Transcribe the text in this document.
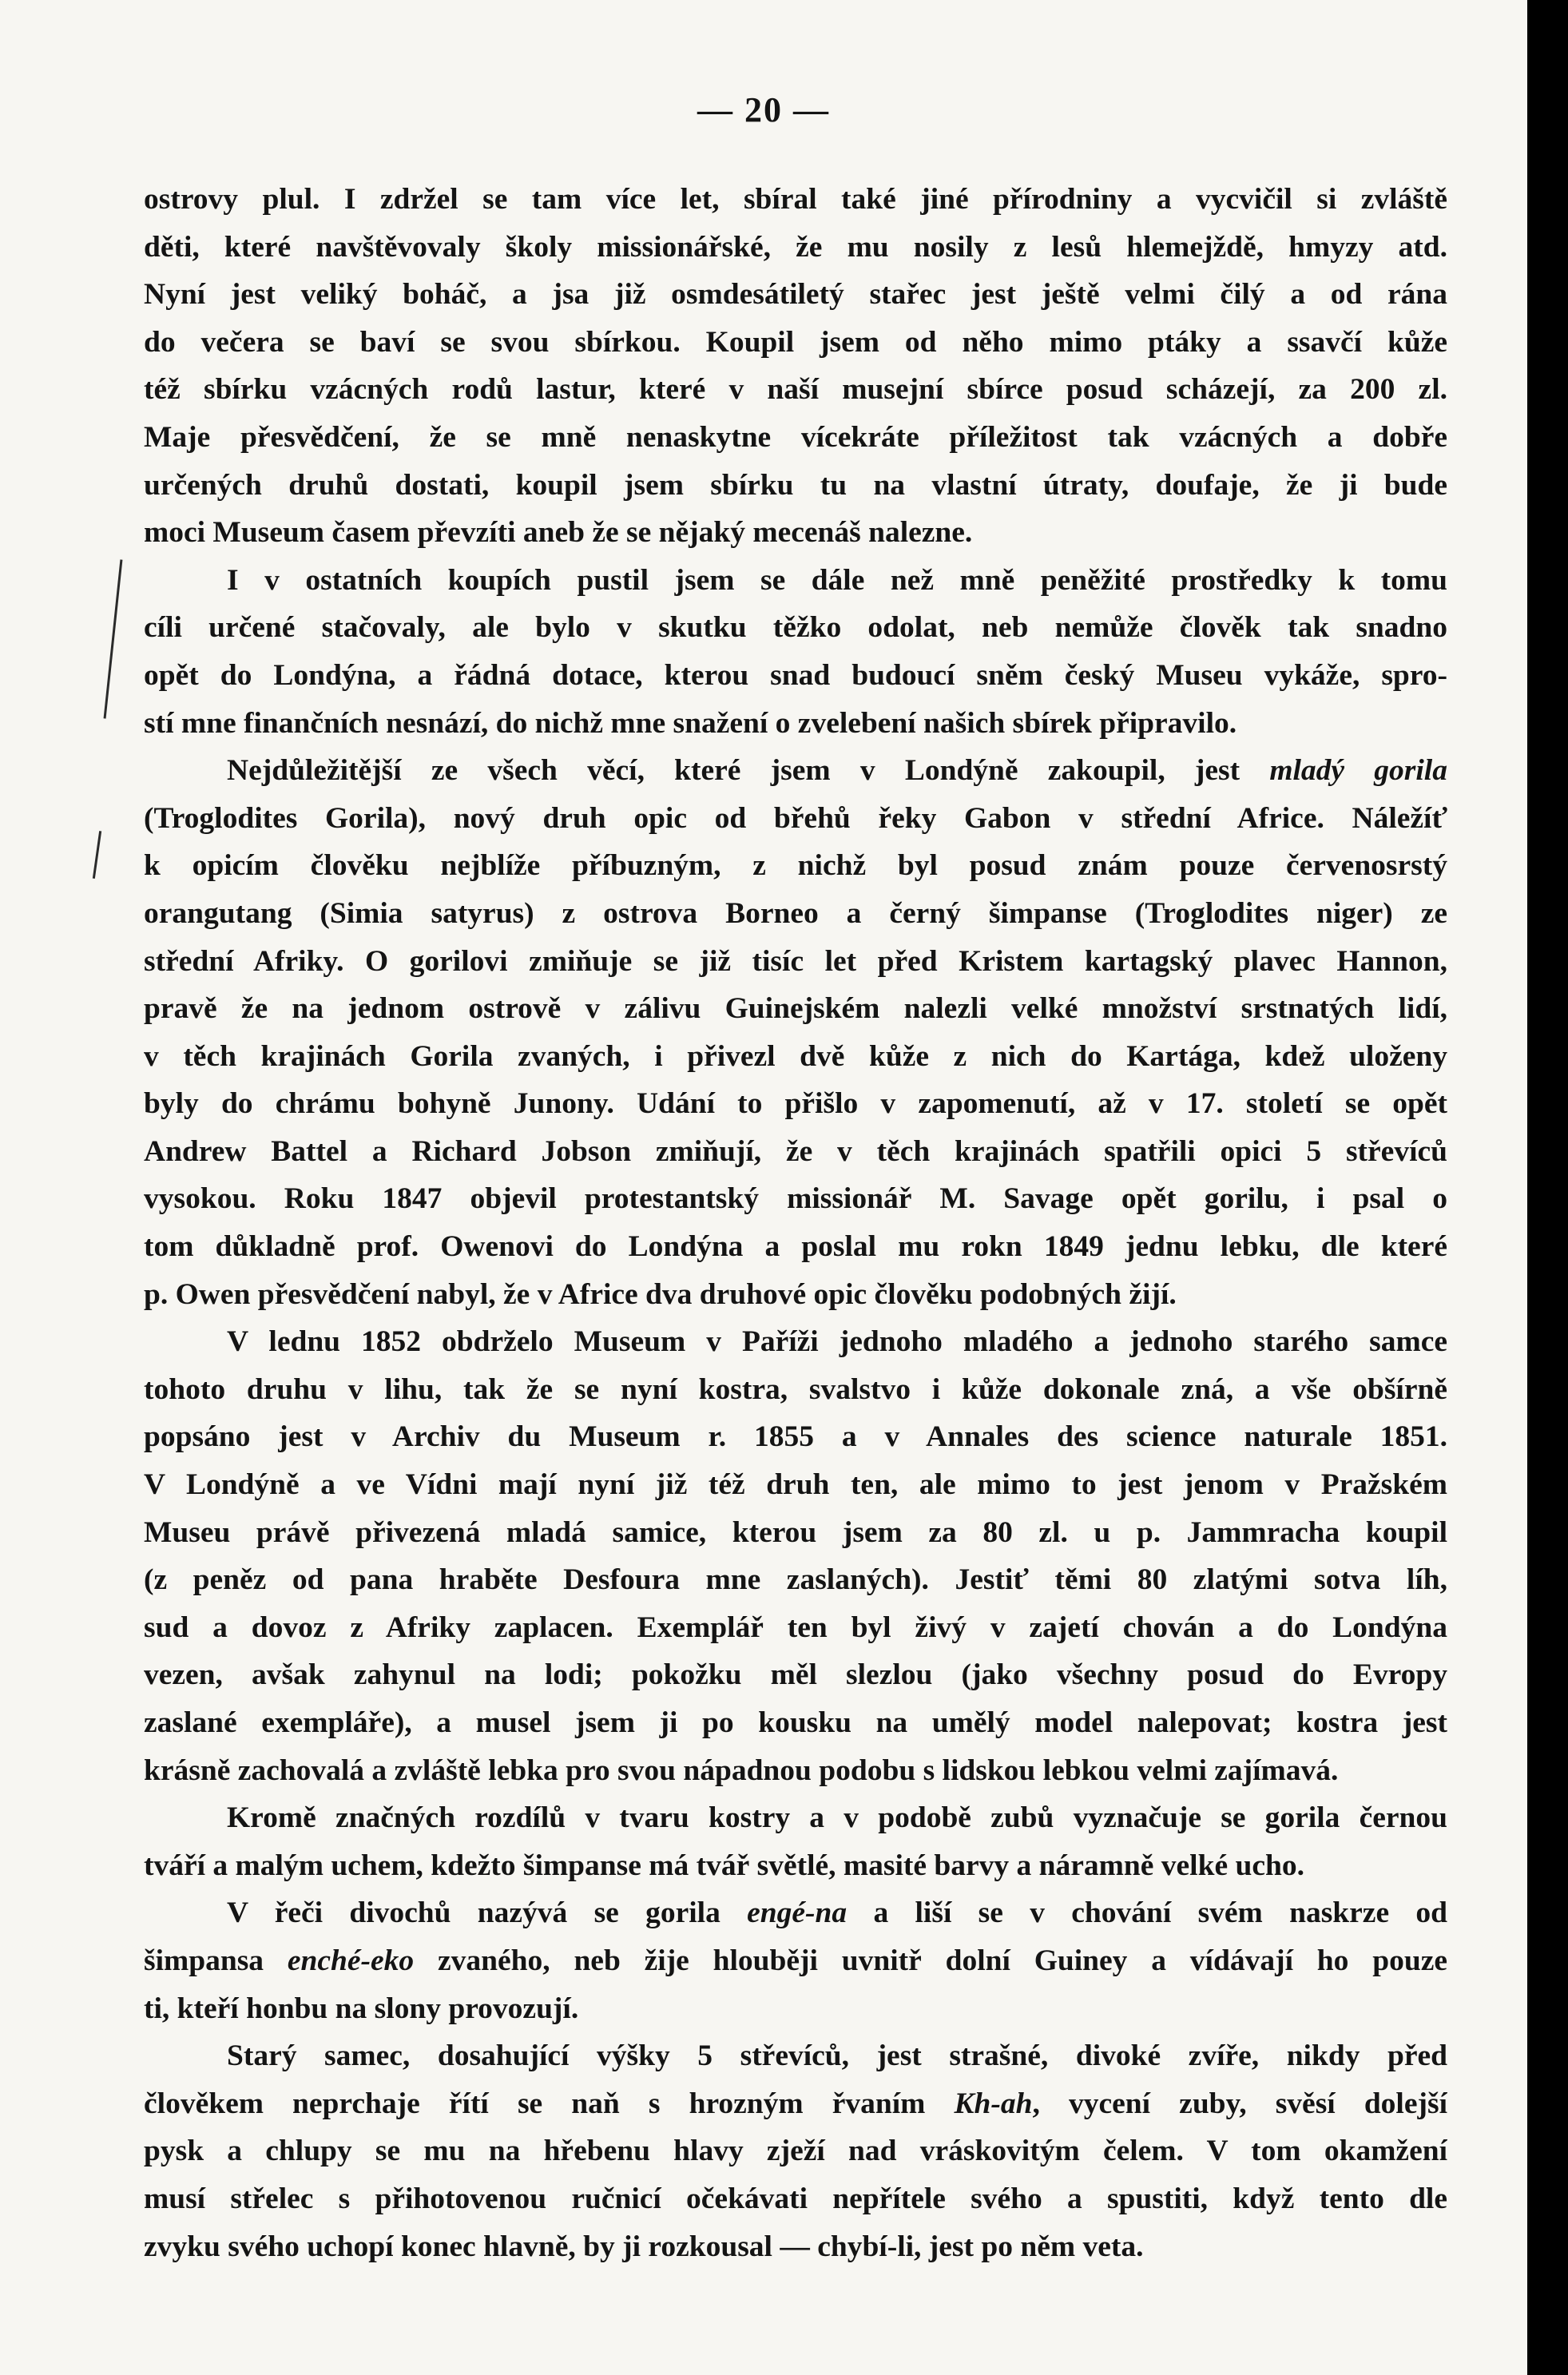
— 20 —

ostrovy plul. I zdržel se tam více let, sbíral také jiné přírodniny a vycvičil si zvláště
děti, které navštěvovaly školy missionářské, že mu nosily z lesů hlemejždě, hmyzy atd.
Nyní jest veliký boháč, a jsa již osmdesátiletý stařec jest ještě velmi čilý a od rána
do večera se baví se svou sbírkou. Koupil jsem od něho mimo ptáky a ssavčí kůže
též sbírku vzácných rodů lastur, které v naší musejní sbírce posud scházejí, za 200 zl.
Maje přesvědčení, že se mně nenaskytne vícekráte příležitost tak vzácných a dobře
určených druhů dostati, koupil jsem sbírku tu na vlastní útraty, doufaje, že ji bude
moci Museum časem převzíti aneb že se nějaký mecenáš nalezne.

I v ostatních koupích pustil jsem se dále než mně peněžité prostředky k tomu
cíli určené stačovaly, ale bylo v skutku těžko odolat, neb nemůže člověk tak snadno
opět do Londýna, a řádná dotace, kterou snad budoucí sněm český Museu vykáže, spro-
stí mne finančních nesnází, do nichž mne snažení o zvelebení našich sbírek připravilo.

Nejdůležitější ze všech věcí, které jsem v Londýně zakoupil, jest mladý gorila
(Troglodites Gorila), nový druh opic od břehů řeky Gabon v střední Africe. Náležíť
k opicím člověku nejblíže příbuzným, z nichž byl posud znám pouze červenosrstý
orangutang (Simia satyrus) z ostrova Borneo a černý šimpanse (Troglodites niger) ze
střední Afriky. O gorilovi zmiňuje se již tisíc let před Kristem kartagský plavec Hannon,
pravě že na jednom ostrově v zálivu Guinejském nalezli velké množství srstnatých lidí,
v těch krajinách Gorila zvaných, i přivezl dvě kůže z nich do Kartága, kdež uloženy
byly do chrámu bohyně Junony. Udání to přišlo v zapomenutí, až v 17. století se opět
Andrew Battel a Richard Jobson zmiňují, že v těch krajinách spatřili opici 5 střevíců
vysokou. Roku 1847 objevil protestantský missionář M. Savage opět gorilu, i psal o
tom důkladně prof. Owenovi do Londýna a poslal mu rokn 1849 jednu lebku, dle které
p. Owen přesvědčení nabyl, že v Africe dva druhové opic člověku podobných žijí.

V lednu 1852 obdrželo Museum v Paříži jednoho mladého a jednoho starého samce
tohoto druhu v lihu, tak že se nyní kostra, svalstvo i kůže dokonale zná, a vše obšírně
popsáno jest v Archiv du Museum r. 1855 a v Annales des science naturale 1851.
V Londýně a ve Vídni mají nyní již též druh ten, ale mimo to jest jenom v Pražském
Museu právě přivezená mladá samice, kterou jsem za 80 zl. u p. Jammracha koupil
(z peněz od pana hraběte Desfoura mne zaslaných). Jestiť těmi 80 zlatými sotva líh,
sud a dovoz z Afriky zaplacen. Exemplář ten byl živý v zajetí chován a do Londýna
vezen, avšak zahynul na lodi; pokožku měl slezlou (jako všechny posud do Evropy
zaslané exempláře), a musel jsem ji po kousku na umělý model nalepovat; kostra jest
krásně zachovalá a zvláště lebka pro svou nápadnou podobu s lidskou lebkou velmi zajímavá.

Kromě značných rozdílů v tvaru kostry a v podobě zubů vyznačuje se gorila černou
tváří a malým uchem, kdežto šimpanse má tvář světlé, masité barvy a náramně velké ucho.

V řeči divochů nazývá se gorila engé-na a liší se v chování svém naskrze od
šimpansa enché-eko zvaného, neb žije hlouběji uvnitř dolní Guiney a vídávají ho pouze
ti, kteří honbu na slony provozují.

Starý samec, dosahující výšky 5 střevíců, jest strašné, divoké zvíře, nikdy před
člověkem neprchaje řítí se naň s hrozným řvaním Kh-ah, vycení zuby, svěsí dolejší
pysk a chlupy se mu na hřebenu hlavy zježí nad vráskovitým čelem. V tom okamžení
musí střelec s přihotovenou ručnicí očekávati nepřítele svého a spustiti, když tento dle
zvyku svého uchopí konec hlavně, by ji rozkousal — chybí-li, jest po něm veta.
